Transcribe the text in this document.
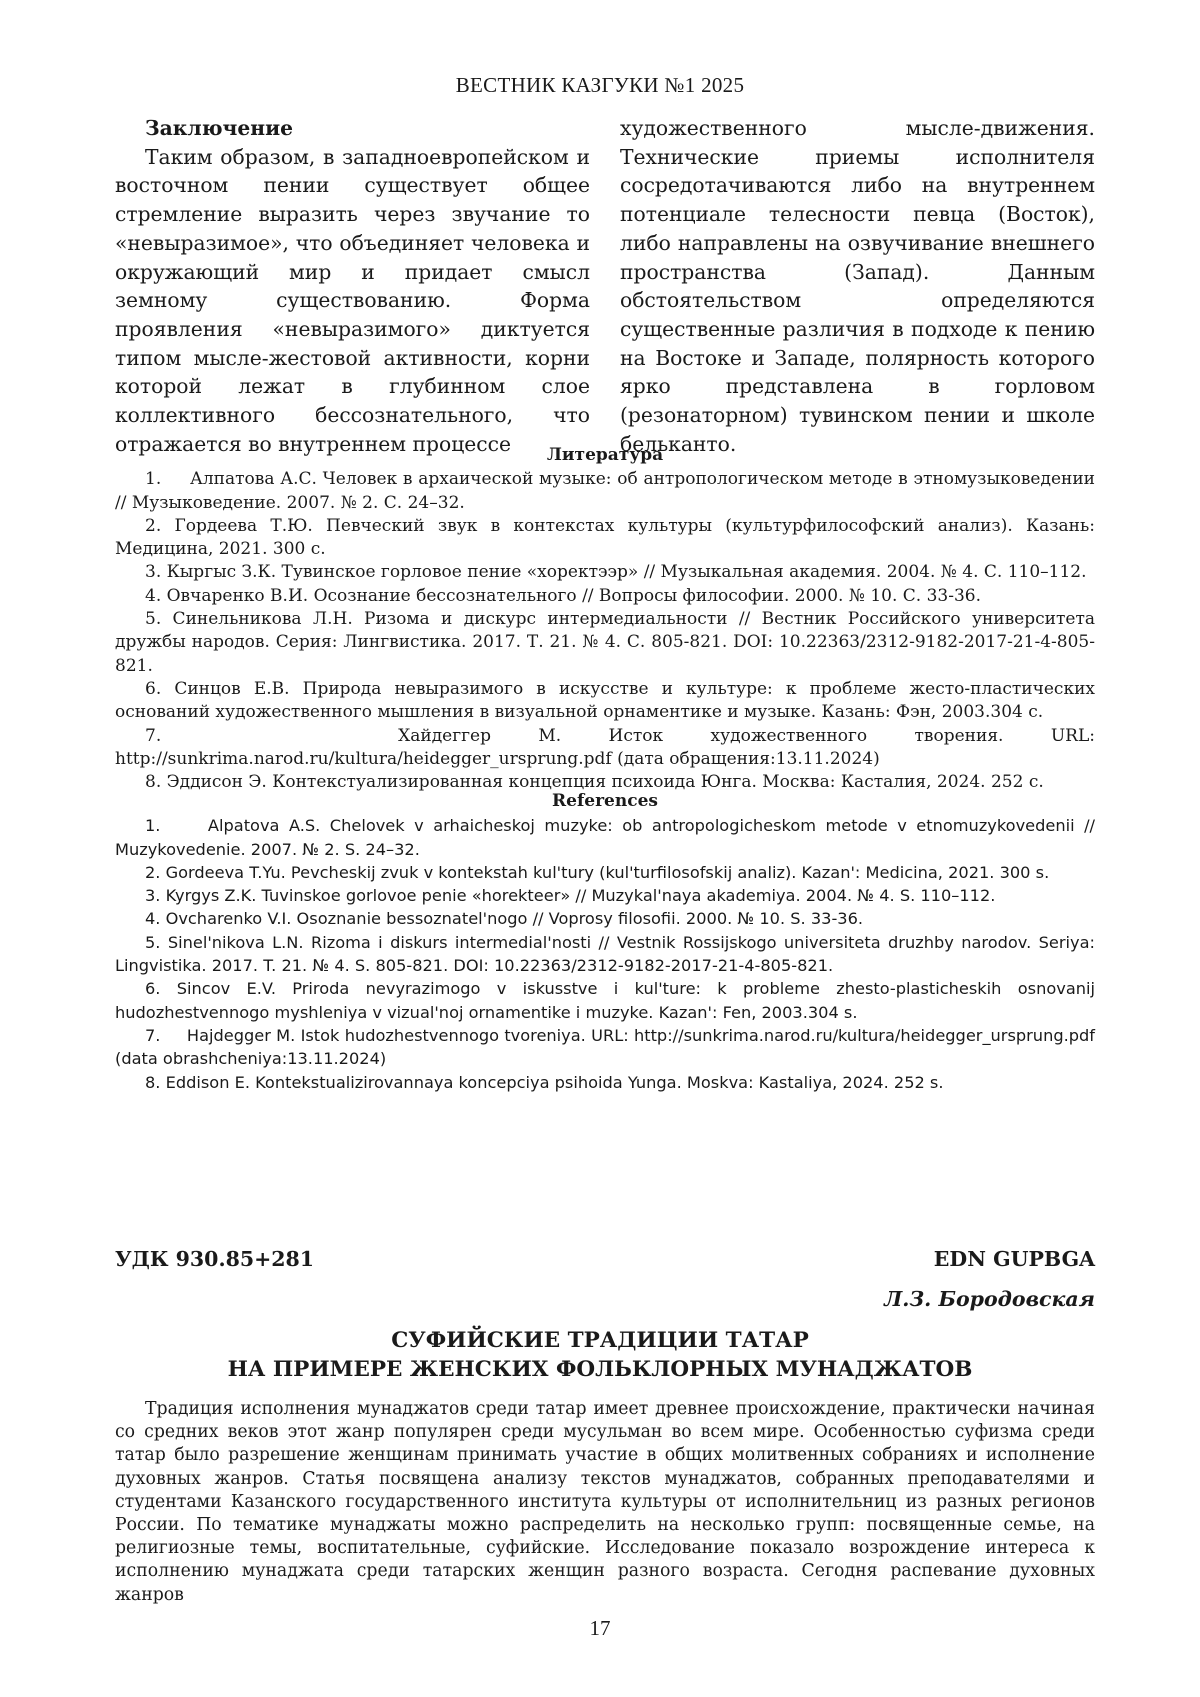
ВЕСТНИК КАЗГУКИ №1 2025
Заключение

Таким образом, в западноевропейском и восточном пении существует общее стремление выразить через звучание то «невыразимое», что объединяет человека и окружающий мир и придает смысл земному существованию. Форма проявления «невыразимого» диктуется типом мысле-жестовой активности, корни которой лежат в глубинном слое коллективного бессознательного, что отражается во внутреннем процессе

художественного мысле-движения. Технические приемы исполнителя сосредотачиваются либо на внутреннем потенциале телесности певца (Восток), либо направлены на озвучивание внешнего пространства (Запад). Данным обстоятельством определяются существенные различия в подходе к пению на Востоке и Западе, полярность которого ярко представлена в горловом (резонаторном) тувинском пении и школе бельканто.

Литература

1.     Алпатова А.С. Человек в архаической музыке: об антропологическом методе в этномузыковедении // Музыковедение. 2007. № 2. С. 24–32.

2. Гордеева Т.Ю. Певческий звук в контекстах культуры (культурфилософский анализ). Казань: Медицина, 2021. 300 с.

3. Кыргыс З.К. Тувинское горловое пение «хоректээр» // Музыкальная академия. 2004. № 4. С. 110–112.

4. Овчаренко В.И. Осознание бессознательного // Вопросы философии. 2000. № 10. С. 33-36.

5. Синельникова Л.Н. Ризома и дискурс интермедиальности // Вестник Российского университета дружбы народов. Серия: Лингвистика. 2017. Т. 21. № 4. С. 805-821. DOI: 10.22363/2312-9182-2017-21-4-805-821.

6. Синцов Е.В. Природа невыразимого в искусстве и культуре: к проблеме жесто-пластических оснований художественного мышления в визуальной орнаментике и музыке. Казань: Фэн, 2003.304 с.

7.     Хайдеггер М. Исток художественного творения. URL: http://sunkrima.narod.ru/kultura/heidegger_ursprung.pdf (дата обращения:13.11.2024)

8. Эддисон Э. Контекстуализированная концепция психоида Юнга. Москва: Касталия, 2024. 252 с.

References

1.     Alpatova A.S. Chelovek v arhaicheskoj muzyke: ob antropologicheskom metode v etnomuzykovedenii // Muzykovedenie. 2007. № 2. S. 24–32.

2. Gordeeva T.Yu. Pevcheskij zvuk v kontekstah kul'tury (kul'turfilosofskij analiz). Kazan': Medicina, 2021. 300 s.

3. Kyrgys Z.K. Tuvinskoe gorlovoe penie «horekteer» // Muzykal'naya akademiya. 2004. № 4. S. 110–112.

4. Ovcharenko V.I. Osoznanie bessoznatel'nogo // Voprosy filosofii. 2000. № 10. S. 33-36.

5. Sinel'nikova L.N. Rizoma i diskurs intermedial'nosti // Vestnik Rossijskogo universiteta druzhby narodov. Seriya: Lingvistika. 2017. T. 21. № 4. S. 805-821. DOI: 10.22363/2312-9182-2017-21-4-805-821.

6. Sincov E.V. Priroda nevyrazimogo v iskusstve i kul'ture: k probleme zhesto-plasticheskih osnovanij hudozhestvennogo myshleniya v vizual'noj ornamentike i muzyke. Kazan': Fen, 2003.304 s.

7.     Hajdegger M. Istok hudozhestvennogo tvoreniya. URL: http://sunkrima.narod.ru/kultura/heidegger_ursprung.pdf (data obrashcheniya:13.11.2024)

8. Eddison E. Kontekstualizirovannaya koncepciya psihoida Yunga. Moskva: Kastaliya, 2024. 252 s.

УДК 930.85+281	EDN GUPBGA
Л.З. Бородовская
СУФИЙСКИЕ ТРАДИЦИИ ТАТАР
НА ПРИМЕРЕ ЖЕНСКИХ ФОЛЬКЛОРНЫХ МУНАДЖАТОВ

Традиция исполнения мунаджатов среди татар имеет древнее происхождение, практически начиная со средних веков этот жанр популярен среди мусульман во всем мире. Особенностью суфизма среди татар было разрешение женщинам принимать участие в общих молитвенных собраниях и исполнение духовных жанров. Статья посвящена анализу текстов мунаджатов, собранных преподавателями и студентами Казанского государственного института культуры от исполнительниц из разных регионов России. По тематике мунаджаты можно распределить на несколько групп: посвященные семье, на религиозные темы, воспитательные, суфийские. Исследование показало возрождение интереса к исполнению мунаджата среди татарских женщин разного возраста. Сегодня распевание духовных жанров

17
